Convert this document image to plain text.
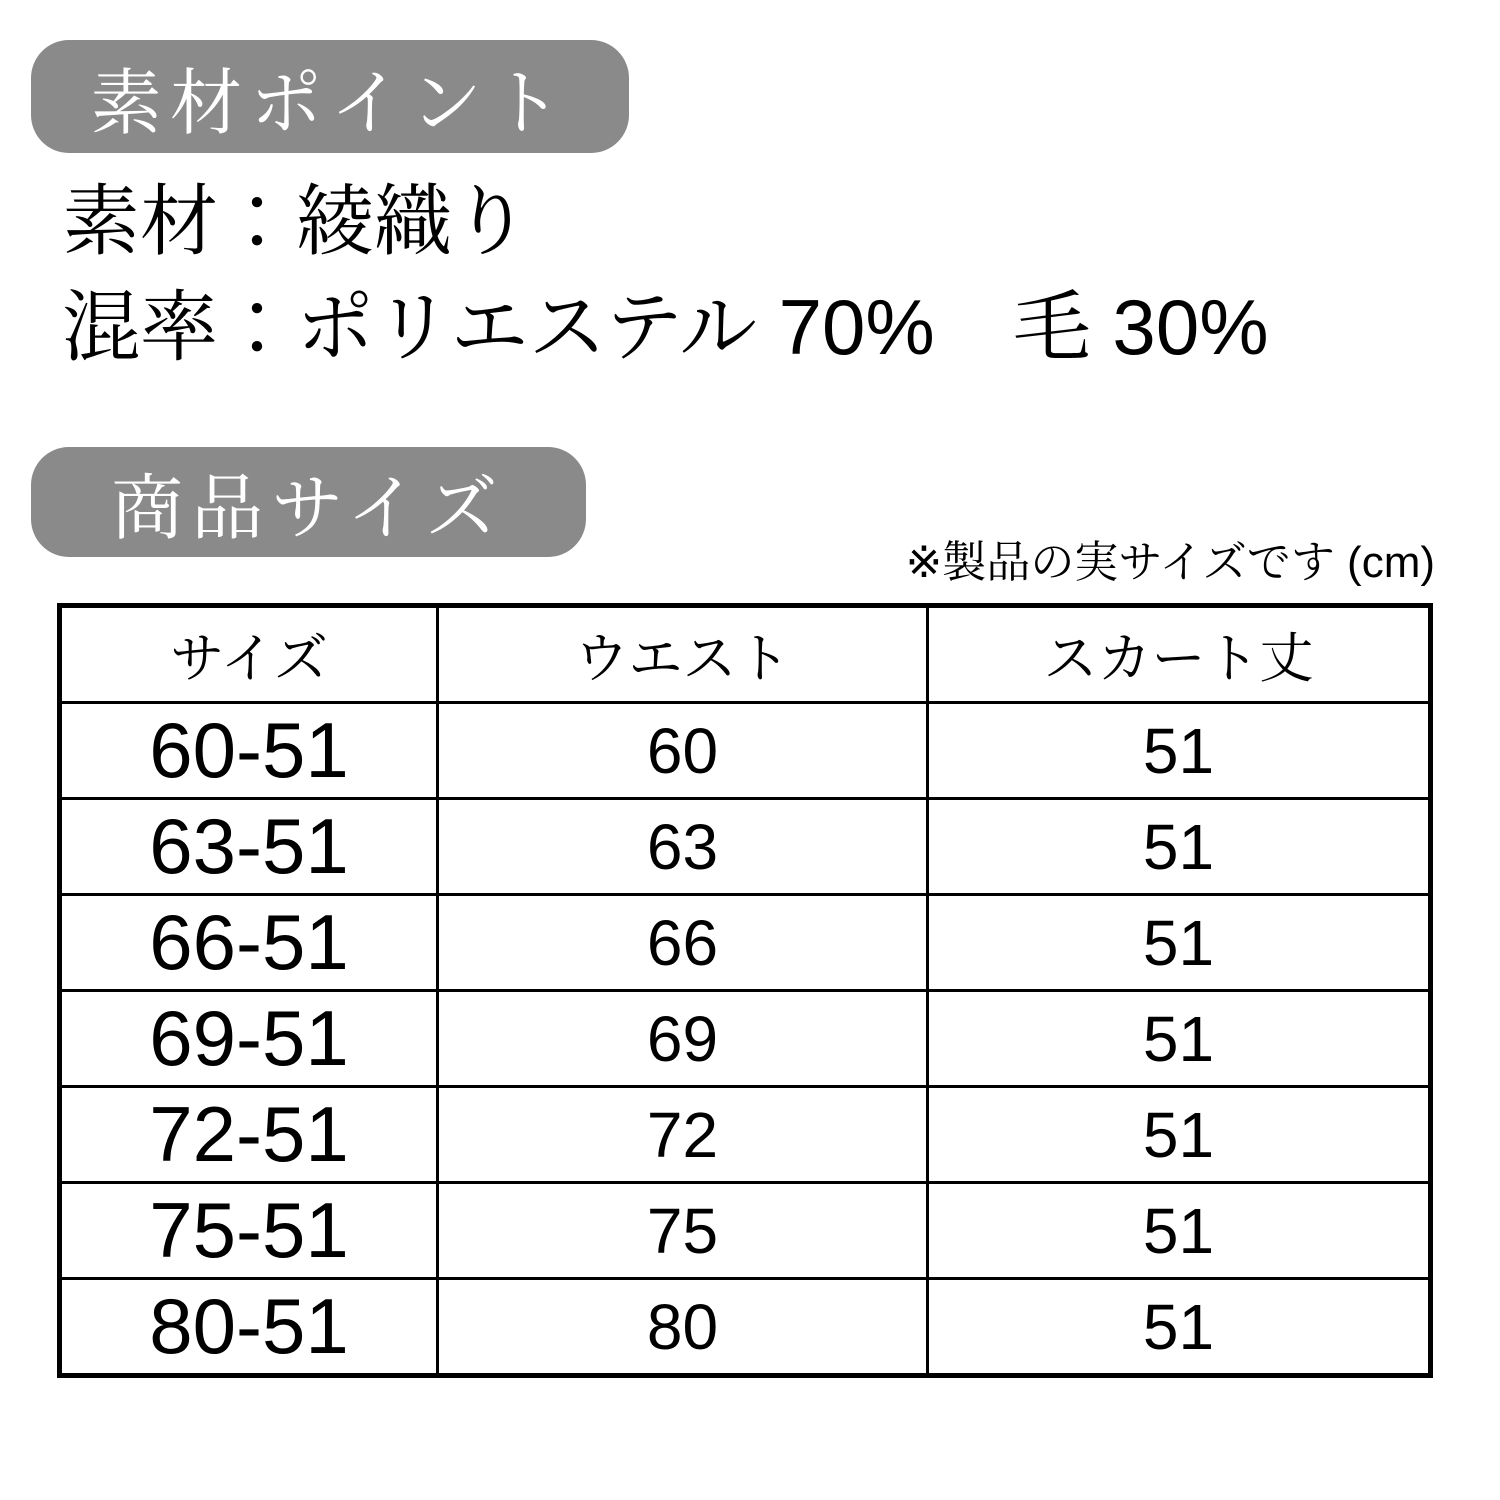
素材ポイント

素材：綾織り

混率：ポリエステル 70%　毛 30%

商品サイズ
※製品の実サイズです (cm)
サイズ	ウエスト	スカート丈
60-51	60	51
63-51	63	51
66-51	66	51
69-51	69	51
72-51	72	51
75-51	75	51
80-51	80	51
